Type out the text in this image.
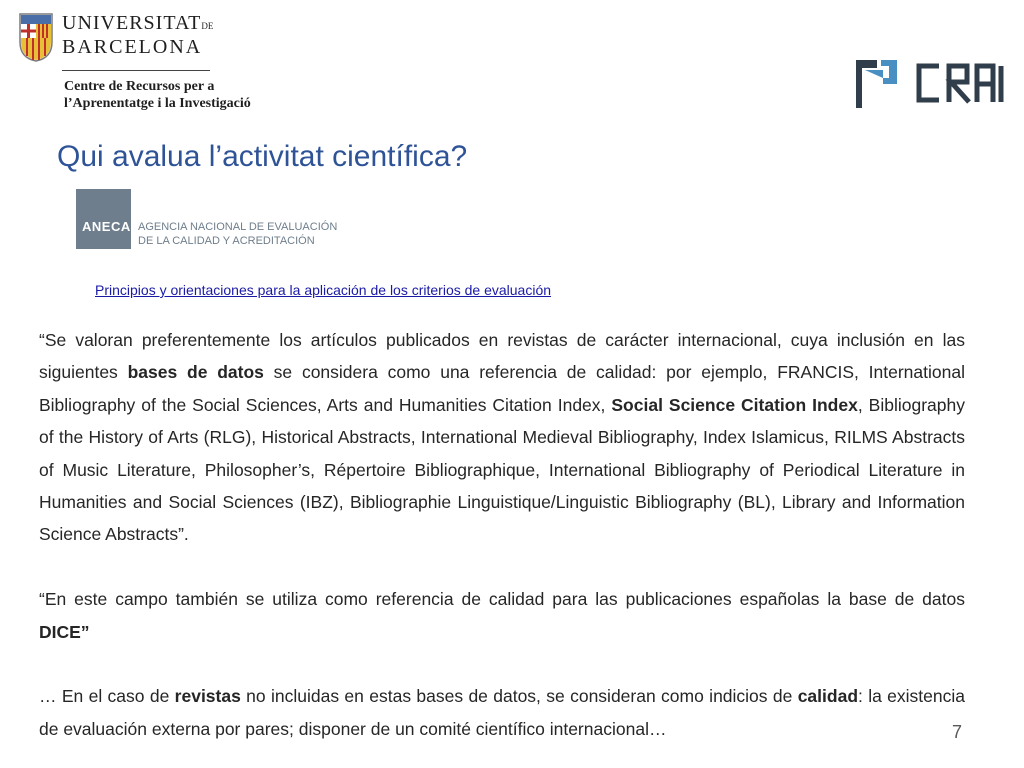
UNIVERSITATDE
BARCELONA
Centre de Recursos per a
l’Aprenentatge i la Investigació
Qui avalua l’activitat científica?
ANECA AGENCIA NACIONAL DE EVALUACIÓN
DE LA CALIDAD Y ACREDITACIÓN
Principios y orientaciones para la aplicación de los criterios de evaluación

“Se valoran preferentemente los artículos publicados en revistas de carácter internacional, cuya inclusión en las siguientes bases de datos se considera como una referencia de calidad: por ejemplo, FRANCIS, International Bibliography of the Social Sciences, Arts and Humanities Citation Index, Social Science Citation Index, Bibliography of the History of Arts (RLG), Historical Abstracts, International Medieval Bibliography, Index Islamicus, RILMS Abstracts of Music Literature, Philosopher’s, Répertoire Bibliographique, International Bibliography of Periodical Literature in Humanities and Social Sciences (IBZ), Bibliographie Linguistique/Linguistic Bibliography (BL), Library and Information Science Abstracts”.

“En este campo también se utiliza como referencia de calidad para las publicaciones españolas la base de datos DICE”

… En el caso de revistas no incluidas en estas bases de datos, se consideran como indicios de calidad: la existencia de evaluación externa por pares; disponer de un comité científico internacional…	7
